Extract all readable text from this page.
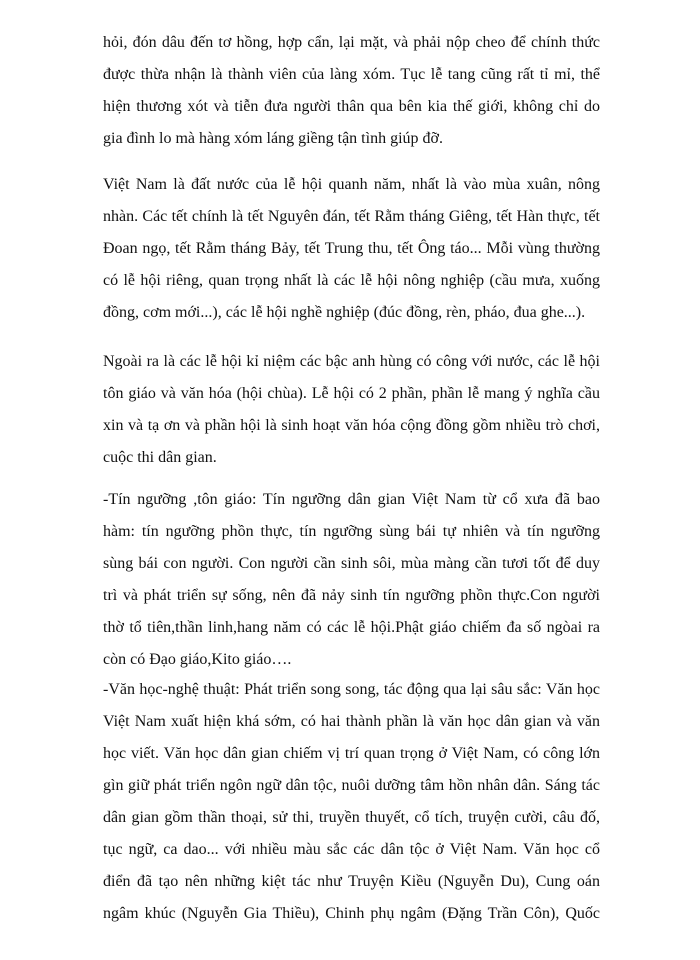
hỏi, đón dâu đến tơ hồng, hợp cẩn, lại mặt, và phải nộp cheo để chính thức
được thừa nhận là thành viên của làng xóm. Tục lễ tang cũng rất tỉ mỉ, thể
hiện thương xót và tiễn đưa người thân qua bên kia thế giới, không chỉ do
gia đình lo mà hàng xóm láng giềng tận tình giúp đỡ.

Việt Nam là đất nước của lễ hội quanh năm, nhất là vào mùa xuân, nông
nhàn. Các tết chính là tết Nguyên đán, tết Rằm tháng Giêng, tết Hàn thực, tết
Đoan ngọ, tết Rằm tháng Bảy, tết Trung thu, tết Ông táo... Mỗi vùng thường
có lễ hội riêng, quan trọng nhất là các lễ hội nông nghiệp (cầu mưa, xuống
đồng, cơm mới...), các lễ hội nghề nghiệp (đúc đồng, rèn, pháo, đua ghe...).

Ngoài ra là các lễ hội kỉ niệm các bậc anh hùng có công với nước, các lễ hội
tôn giáo và văn hóa (hội chùa). Lễ hội có 2 phần, phần lễ mang ý nghĩa cầu
xin và tạ ơn và phần hội là sinh hoạt văn hóa cộng đồng gồm nhiều trò chơi,
cuộc thi dân gian.

-Tín ngưỡng ,tôn giáo: Tín ngưỡng dân gian Việt Nam từ cổ xưa đã bao
hàm: tín ngưỡng phồn thực, tín ngưỡng sùng bái tự nhiên và tín ngưỡng
sùng bái con người. Con người cần sinh sôi, mùa màng cần tươi tốt để duy
trì và phát triển sự sống, nên đã nảy sinh tín ngưỡng phồn thực.Con người
thờ tổ tiên,thần linh,hang năm có các lễ hội.Phật giáo chiếm đa số ngòai ra
còn có Đạo giáo,Kito giáo….

-Văn học-nghệ thuật: Phát triển song song, tác động qua lại sâu sắc: Văn học
Việt Nam xuất hiện khá sớm, có hai thành phần là văn học dân gian và văn
học viết. Văn học dân gian chiếm vị trí quan trọng ở Việt Nam, có công lớn
gìn giữ phát triển ngôn ngữ dân tộc, nuôi dưỡng tâm hồn nhân dân. Sáng tác
dân gian gồm thần thoại, sử thi, truyền thuyết, cổ tích, truyện cười, câu đố,
tục ngữ, ca dao... với nhiều màu sắc các dân tộc ở Việt Nam. Văn học cổ
điển đã tạo nên những kiệt tác như Truyện Kiều (Nguyễn Du), Cung oán
ngâm khúc (Nguyễn Gia Thiều), Chinh phụ ngâm (Đặng Trần Côn), Quốc
